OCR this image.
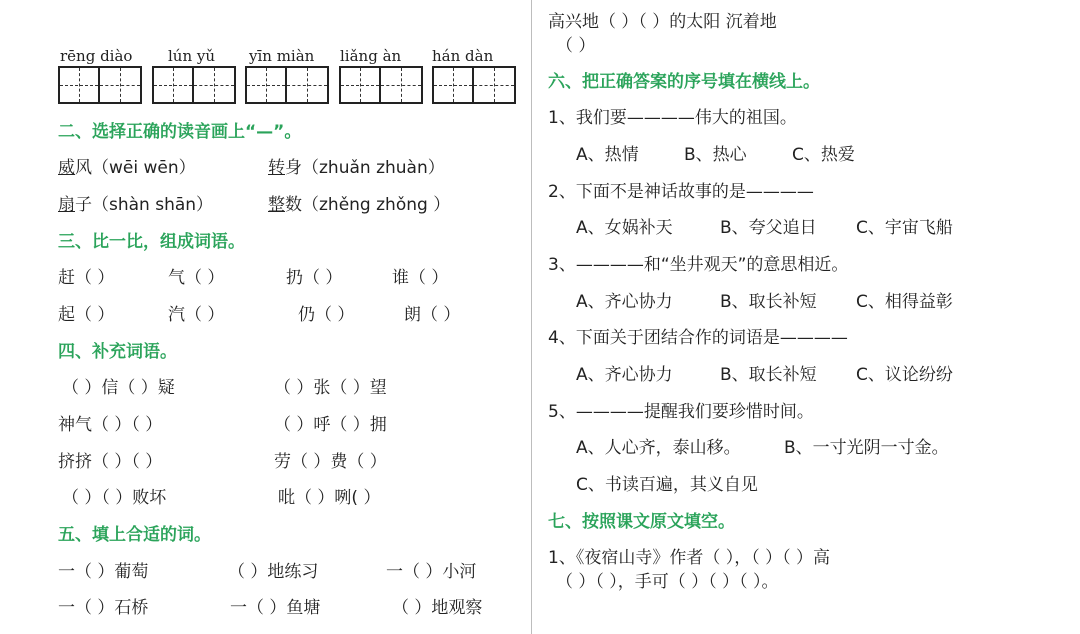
rēng diào lún yǔ yīn miàn liǎng àn hán dàn
二、选择正确的读音画上“—”。
威风（wēi wēn）	转身（zhuǎn zhuàn）
扇子（shàn shān）	整数（zhěng zhǒng ）
三、比一比，组成词语。
赶（ ）	气（ ）	扔（ ）	谁（ ）
起（ ）	汽（ ）	仍（ ）	朗（ ）
四、补充词语。
（ ）信（ ）疑	（ ）张（ ）望
神气（ ）（ ）	（ ）呼（ ）拥
挤挤（ ）（ ）	劳（ ）费（ ）
（ ）（ ）败坏	吡（ ）咧( ）
五、填上合适的词。
一（ ）葡萄	（ ）地练习	一（ ）小河
一（ ）石桥	一（ ）鱼塘	（ ）地观察
高兴地（ ）（ ）的太阳 沉着地
（ ）
六、把正确答案的序号填在横线上。
1、我们要————伟大的祖国。
A、热情	B、热心	C、热爱
2、下面不是神话故事的是————
A、女娲补天	B、夸父追日 C、宇宙飞船
3、————和“坐井观天”的意思相近。
A、齐心协力	B、取长补短 C、相得益彰
4、下面关于团结合作的词语是————
A、齐心协力	B、取长补短 C、议论纷纷
5、————提醒我们要珍惜时间。
A、人心齐，泰山移。	B、一寸光阴一寸金。
C、书读百遍，其义自见
七、按照课文原文填空。
1、《夜宿山寺》作者（ ），（ ）（ ）高
（ ）（ ），手可（ ）（ ）（ ）。
